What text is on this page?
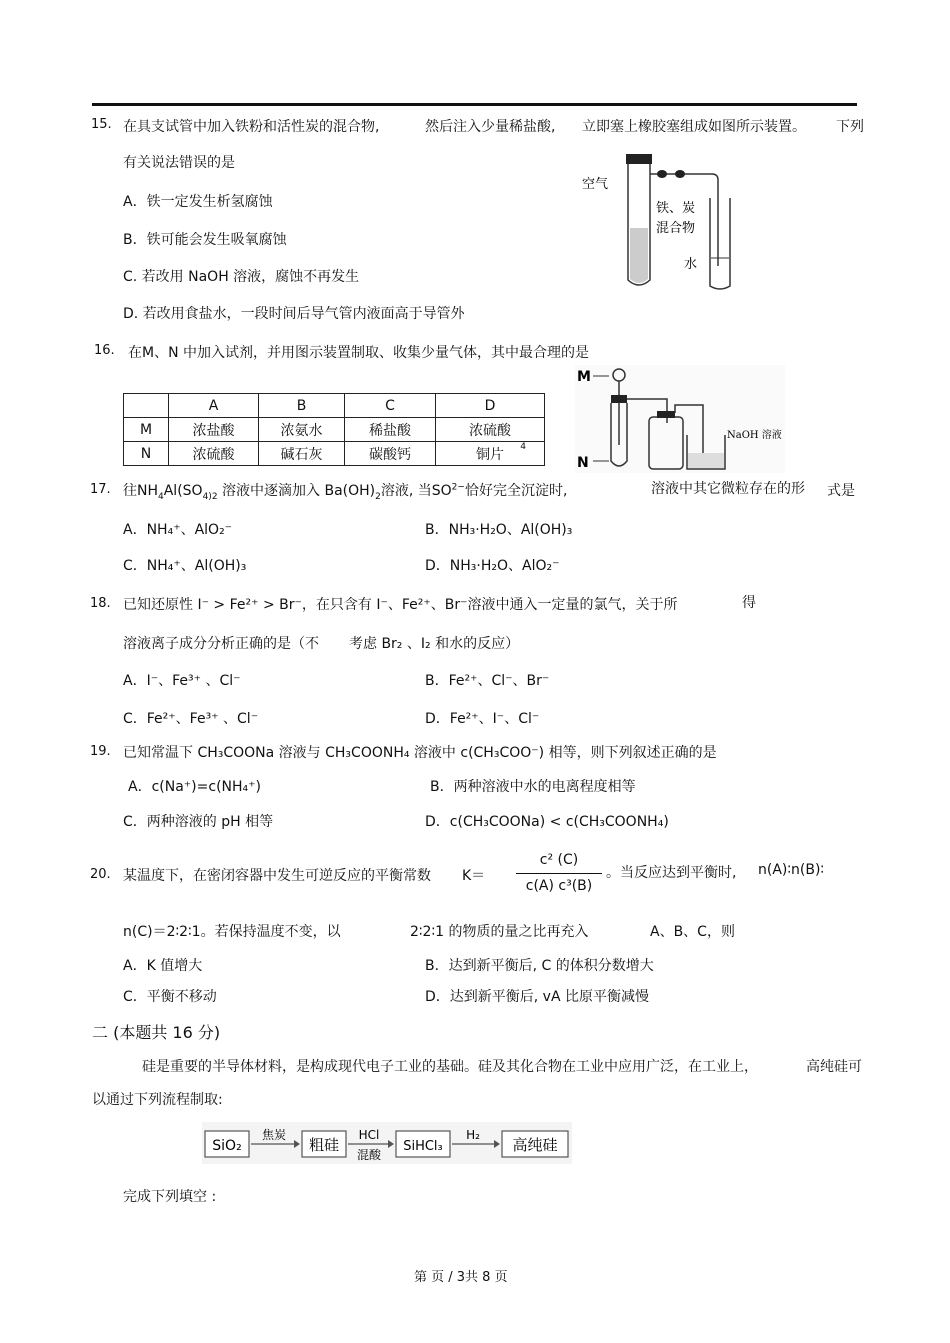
15. 在具支试管中加入铁粉和活性炭的混合物,	然后注入少量稀盐酸, 立即塞上橡胶塞组成如图所示装置。 下列
有关说法错误的是
A．铁一定发生析氢腐蚀
B．铁可能会发生吸氧腐蚀
C. 若改用 NaOH 溶液，腐蚀不再发生
D. 若改用食盐水，一段时间后导气管内液面高于导管外
空气
铁、炭
混合物
水
16. 在M、N 中加入试剂，并用图示装置制取、收集少量气体，其中最合理的是
	A	B	C	D
M	浓盐酸	浓氨水	稀盐酸	浓硫酸
N	浓硫酸	碱石灰	碳酸钙	铜片 4
M
N
NaOH 溶液
17. 往$NH_4Al(SO_{4)2}$ 溶液中逐滴加入 $Ba(OH)_2$溶液, 当$SO^{2-}$恰好完全沉淀时,	溶液中其它微粒存在的形 式是
A．NH₄⁺、AlO₂⁻	B．NH₃·H₂O、Al(OH)₃
C．NH₄⁺、Al(OH)₃	D．NH₃·H₂O、AlO₂⁻
18. 已知还原性 I⁻ > Fe²⁺ > Br⁻，在只含有 I⁻、Fe²⁺、Br⁻溶液中通入一定量的氯气，关于所	得
溶液离子成分分析正确的是（不 考虑 Br₂ 、I₂ 和水的反应）
A．I⁻、Fe³⁺ 、Cl⁻	B．Fe²⁺、Cl⁻、Br⁻
C．Fe²⁺、Fe³⁺ 、Cl⁻	D．Fe²⁺、I⁻、Cl⁻
19. 已知常温下 CH₃COONa 溶液与 CH₃COONH₄ 溶液中 c(CH₃COO⁻) 相等，则下列叙述正确的是
A．c(Na⁺)=c(NH₄⁺)	B．两种溶液中水的电离程度相等
C．两种溶液的 pH 相等	D．c(CH₃COONa) < c(CH₃COONH₄)
20. 某温度下，在密闭容器中发生可逆反应的平衡常数 K＝
c² (C)
c(A) c³(B)
。当反应达到平衡时, n(A)∶n(B)∶
n(C)＝2∶2∶1。若保持温度不变，以	2∶2∶1 的物质的量之比再充入	A、B、C，则
A．K 值增大	B．达到新平衡后, C 的体积分数增大
C．平衡不移动	D．达到新平衡后, vA 比原平衡减慢
二 (本题共 16 分)
硅是重要的半导体材料，是构成现代电子工业的基础。硅及其化合物在工业中应用广泛，在工业上，	高纯硅可
以通过下列流程制取:
SiO₂
焦炭
粗硅
HCl
混酸
SiHCl₃
H₂
高纯硅
完成下列填空 :
第 页 / 3共 8 页
